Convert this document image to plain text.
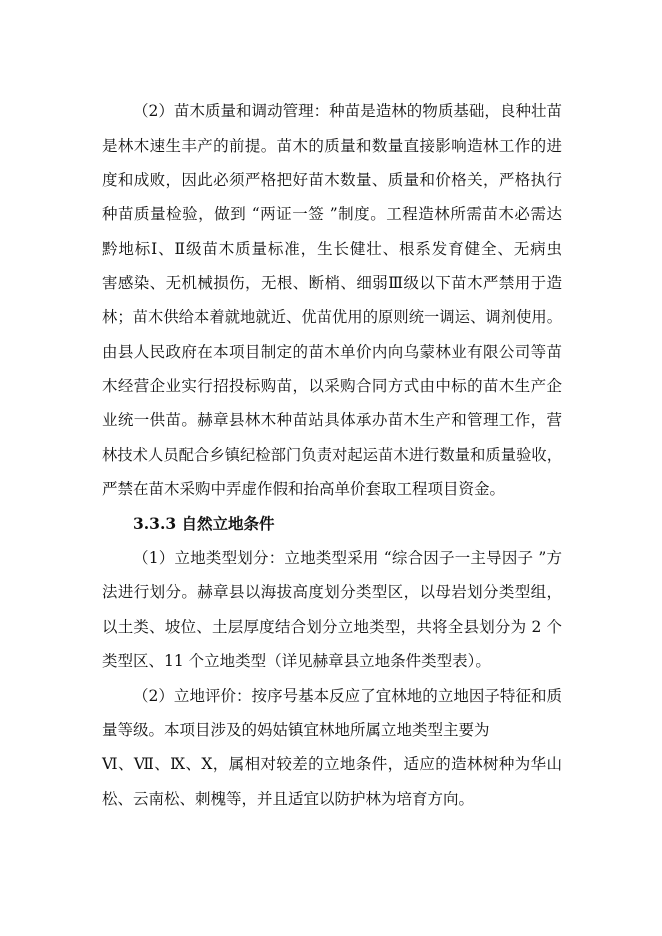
（2）苗木质量和调动管理：种苗是造林的物质基础，良种壮苗
是林木速生丰产的前提。苗木的质量和数量直接影响造林工作的进
度和成败，因此必须严格把好苗木数量、质量和价格关，严格执行
种苗质量检验，做到 “两证一签 ”制度。工程造林所需苗木必需达
黔地标Ⅰ、Ⅱ级苗木质量标准，生长健壮、根系发育健全、无病虫
害感染、无机械损伤，无根、断梢、细弱Ⅲ级以下苗木严禁用于造
林；苗木供给本着就地就近、优苗优用的原则统一调运、调剂使用。
由县人民政府在本项目制定的苗木单价内向乌蒙林业有限公司等苗
木经营企业实行招投标购苗，以采购合同方式由中标的苗木生产企
业统一供苗。赫章县林木种苗站具体承办苗木生产和管理工作，营
林技术人员配合乡镇纪检部门负责对起运苗木进行数量和质量验收，
严禁在苗木采购中弄虚作假和抬高单价套取工程项目资金。
3.3.3 自然立地条件
（1）立地类型划分：立地类型采用 “综合因子一主导因子 ”方
法进行划分。赫章县以海拔高度划分类型区，以母岩划分类型组，
以土类、坡位、土层厚度结合划分立地类型，共将全县划分为 2 个
类型区、11 个立地类型（详见赫章县立地条件类型表）。
（2）立地评价：按序号基本反应了宜林地的立地因子特征和质
量等级。本项目涉及的妈姑镇宜林地所属立地类型主要为
Ⅵ、Ⅶ、Ⅸ、Ⅹ，属相对较差的立地条件，适应的造林树种为华山
松、云南松、刺槐等，并且适宜以防护林为培育方向。
